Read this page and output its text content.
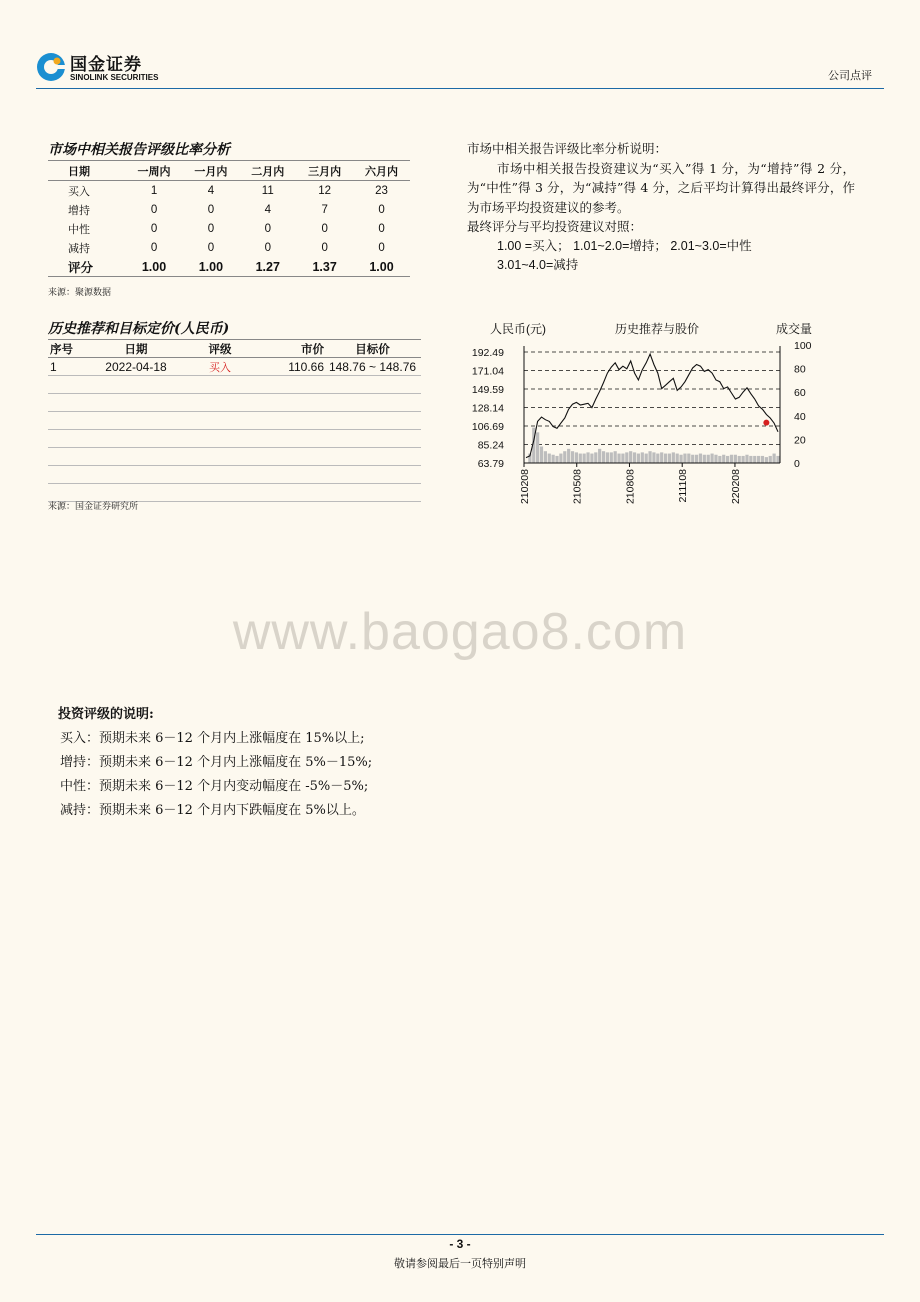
国金证券
SINOLINK SECURITIES	公司点评
市场中相关报告评级比率分析
日期	一周内	一月内	二月内	三月内	六月内
买入	1	4	11	12	23
增持	0	0	4	7	0
中性	0	0	0	0	0
减持	0	0	0	0	0
评分	1.00	1.00	1.27	1.37	1.00
来源：聚源数据

市场中相关报告评级比率分析说明：

市场中相关报告投资建议为“买入”得 1 分，为“增持”得 2 分，为“中性”得 3 分，为“减持”得 4 分，之后平均计算得出最终评分，作为市场平均投资建议的参考。

最终评分与平均投资建议对照：

1.00 =买入； 1.01~2.0=增持； 2.01~3.0=中性

3.01~4.0=减持

历史推荐和目标定价(人民币)
序号	日期	评级	市价	目标价
1	2022-04-18	买入	110.66	148.76 ~ 148.76

来源：国金证券研究所
人民币(元)	历史推荐与股价	成交量
192.49
171.04
149.59
128.14
106.69
85.24
63.79
100
80
60
40
20
0
210208	210508	210808	211108	220208
www.baogao8.com
投资评级的说明:

买入：预期未来 6－12 个月内上涨幅度在 15%以上;

增持：预期未来 6－12 个月内上涨幅度在 5%－15%;

中性：预期未来 6－12 个月内变动幅度在 -5%－5%;

减持：预期未来 6－12 个月内下跌幅度在 5%以上。

- 3 -
敬请参阅最后一页特别声明
